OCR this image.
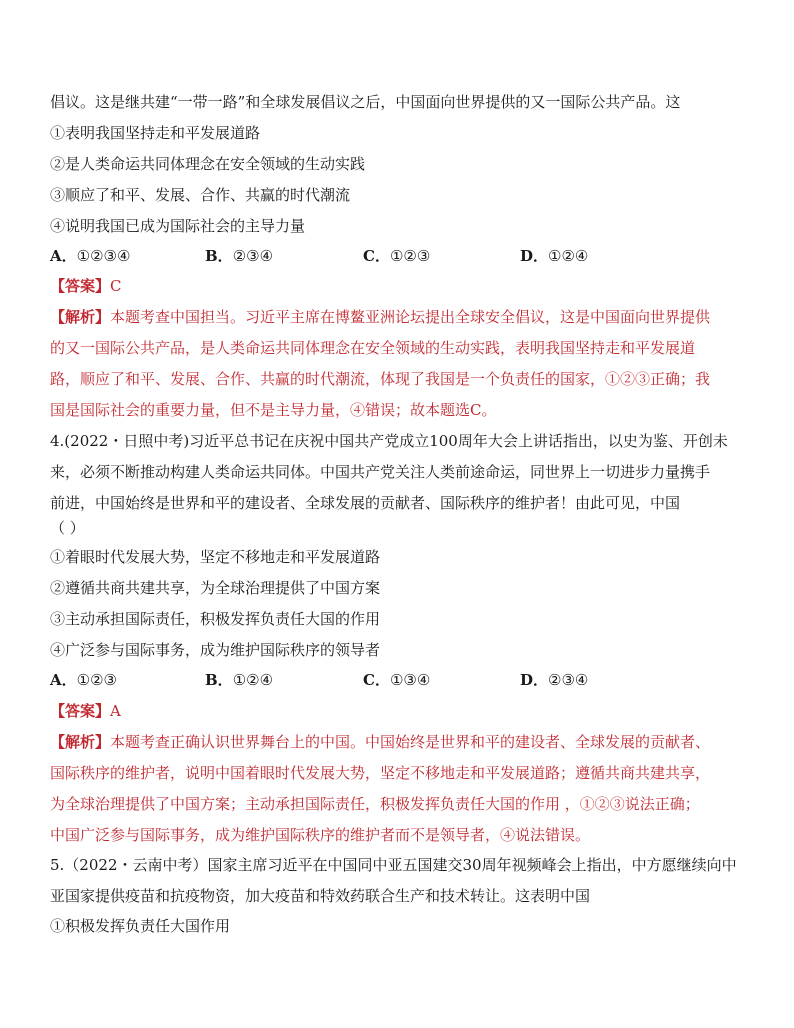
倡议。这是继共建“一带一路”和全球发展倡议之后，中国面向世界提供的又一国际公共产品。这
①表明我国坚持走和平发展道路
②是人类命运共同体理念在安全领域的生动实践
③顺应了和平、发展、合作、共赢的时代潮流
④说明我国已成为国际社会的主导力量
A．①②③④	B．②③④	C．①②③	D．①②④
【答案】C
【解析】本题考查中国担当。习近平主席在博鳌亚洲论坛提出全球安全倡议，这是中国面向世界提供
的又一国际公共产品，是人类命运共同体理念在安全领域的生动实践，表明我国坚持走和平发展道
路，顺应了和平、发展、合作、共赢的时代潮流，体现了我国是一个负责任的国家，①②③正确；我
国是国际社会的重要力量，但不是主导力量，④错误；故本题选C。
4.(2022・日照中考)习近平总书记在庆祝中国共产党成立100周年大会上讲话指出，以史为鉴、开创未
来，必须不断推动构建人类命运共同体。中国共产党关注人类前途命运，同世界上一切进步力量携手
前进，中国始终是世界和平的建设者、全球发展的贡献者、国际秩序的维护者！由此可见，中国
（ ）
①着眼时代发展大势，坚定不移地走和平发展道路
②遵循共商共建共享，为全球治理提供了中国方案
③主动承担国际责任，积极发挥负责任大国的作用
④广泛参与国际事务，成为维护国际秩序的领导者
A．①②③	B．①②④	C．①③④	D．②③④
【答案】A
【解析】本题考查正确认识世界舞台上的中国。中国始终是世界和平的建设者、全球发展的贡献者、
国际秩序的维护者，说明中国着眼时代发展大势，坚定不移地走和平发展道路；遵循共商共建共享，
为全球治理提供了中国方案；主动承担国际责任，积极发挥负责任大国的作用 ，①②③说法正确；
中国广泛参与国际事务，成为维护国际秩序的维护者而不是领导者，④说法错误。
5.（2022・云南中考）国家主席习近平在中国同中亚五国建交30周年视频峰会上指出，中方愿继续向中
亚国家提供疫苗和抗疫物资，加大疫苗和特效药联合生产和技术转让。这表明中国
①积极发挥负责任大国作用
